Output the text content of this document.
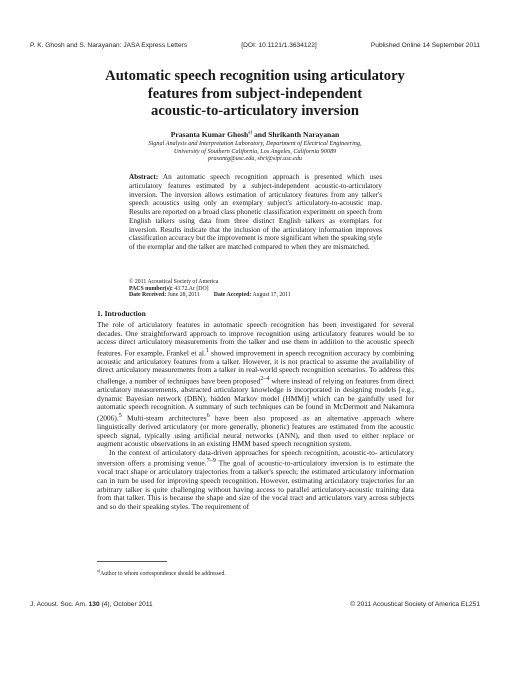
P. K. Ghosh and S. Narayanan: JASA Express Letters	[DOI: 10.1121/1.3634122]	Published Online 14 September 2011
Automatic speech recognition using articulatory
features from subject-independent
acoustic-to-articulatory inversion
Prasanta Kumar Ghosh$^{a)}$ and Shrikanth Narayanan
Signal Analysis and Interpretation Laboratory, Department of Electrical Engineering,
University of Southern California, Los Angeles, California 90089
prasantg@usc.edu, shri@sipi.usc.edu
Abstract: An automatic speech recognition approach is presented which uses articulatory features estimated by a subject-independent acoustic-to-articulatory inversion. The inversion allows estimation of articulatory features from any talker's speech acoustics using only an exemplary subject's articulatory-to-acoustic map. Results are reported on a broad class phonetic classification experiment on speech from English talkers using data from three distinct English talkers as exemplars for inversion. Results indicate that the inclusion of the articulatory information improves classification accuracy but the improvement is more significant when the speaking style of the exemplar and the talker are matched compared to when they are mismatched.
© 2011 Acoustical Society of America
PACS number(s): 43.72.Ar [DO]
Date Received: June 28, 2011 Date Accepted: August 17, 2011
1. Introduction

The role of articulatory features in automatic speech recognition has been investigated for several decades. One straightforward approach to improve recognition using articulatory features would be to access direct articulatory measurements from the talker and use them in addition to the acoustic speech features. For example, Frankel et al.$^1$ showed improvement in speech recognition accuracy by combining acoustic and articulatory features from a talker. However, it is not practical to assume the availability of direct articulatory measurements from a talker in real-world speech recognition scenarios. To address this challenge, a number of techniques have been proposed$^{2-4}$ where instead of relying on features from direct articulatory measurements, abstracted articulatory knowledge is incorporated in designing models [e.g., dynamic Bayesian network (DBN), hidden Markov model (HMM)] which can be gainfully used for automatic speech recognition. A summary of such techniques can be found in McDermott and Nakamura (2006).$^5$ Multi-steam architectures$^6$ have been also proposed as an alternative approach where linguistically derived articulatory (or more generally, phonetic) features are estimated from the acoustic speech signal, typically using artificial neural networks (ANN), and then used to either replace or augment acoustic observations in an existing HMM based speech recognition system.

In the context of articulatory data-driven approaches for speech recognition, acoustic-to- articulatory inversion offers a promising venue.$^{7-9}$ The goal of acoustic-to-articulatory inversion is to estimate the vocal tract shape or articulatory trajectories from a talker's speech; the estimated articulatory information can in turn be used for improving speech recognition. However, estimating articulatory trajectories for an arbitrary talker is quite challenging without having access to parallel articulatory-acoustic training data from that talker. This is because the shape and size of the vocal tract and articulators vary across subjects and so do their speaking styles. The requirement of

$^{a)}$Author to whom correspondence should be addressed.
J. Acoust. Soc. Am. 130 (4), October 2011	© 2011 Acoustical Society of America EL251
